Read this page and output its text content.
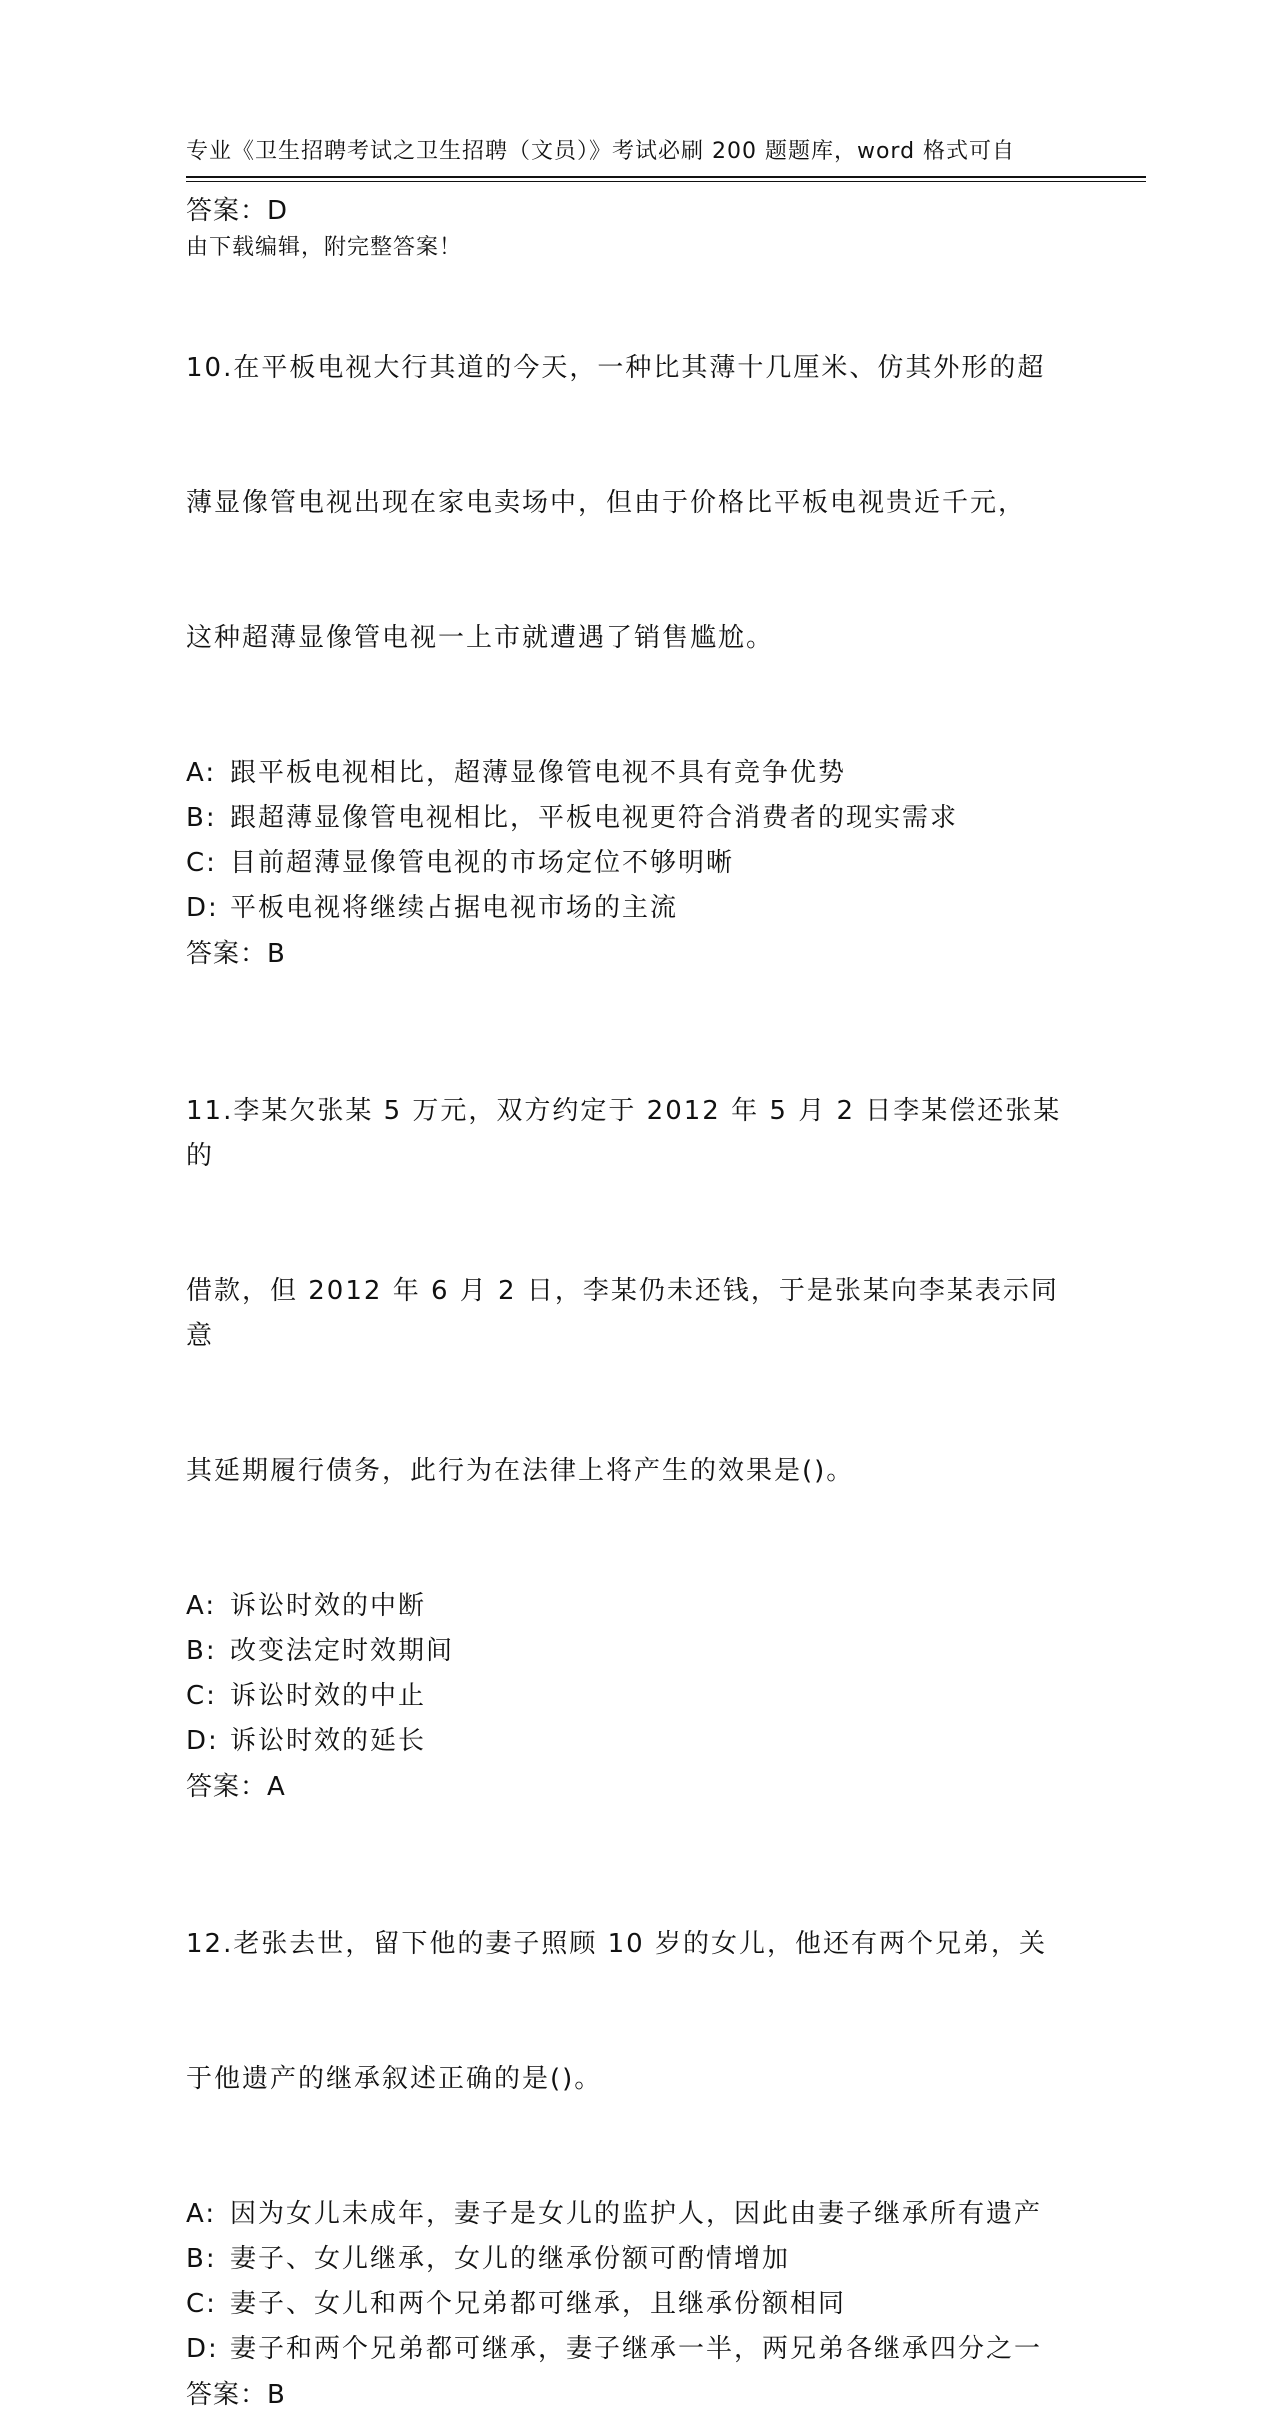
专业《卫生招聘考试之卫生招聘（文员）》考试必刷 200 题题库，word 格式可自

由下载编辑，附完整答案！

答案：D

10.在平板电视大行其道的今天，一种比其薄十几厘米、仿其外形的超

薄显像管电视出现在家电卖场中，但由于价格比平板电视贵近千元，

这种超薄显像管电视一上市就遭遇了销售尴尬。

A: 跟平板电视相比，超薄显像管电视不具有竞争优势
B: 跟超薄显像管电视相比，平板电视更符合消费者的现实需求
C: 目前超薄显像管电视的市场定位不够明晰
D: 平板电视将继续占据电视市场的主流
答案：B

11.李某欠张某 5 万元，双方约定于 2012 年 5 月 2 日李某偿还张某的

借款，但 2012 年 6 月 2 日，李某仍未还钱，于是张某向李某表示同意

其延期履行债务，此行为在法律上将产生的效果是()。

A: 诉讼时效的中断
B: 改变法定时效期间
C: 诉讼时效的中止
D: 诉讼时效的延长
答案：A

12.老张去世，留下他的妻子照顾 10 岁的女儿，他还有两个兄弟，关

于他遗产的继承叙述正确的是()。

A: 因为女儿未成年，妻子是女儿的监护人，因此由妻子继承所有遗产
B: 妻子、女儿继承，女儿的继承份额可酌情增加
C: 妻子、女儿和两个兄弟都可继承，且继承份额相同
D: 妻子和两个兄弟都可继承，妻子继承一半，两兄弟各继承四分之一
答案：B
